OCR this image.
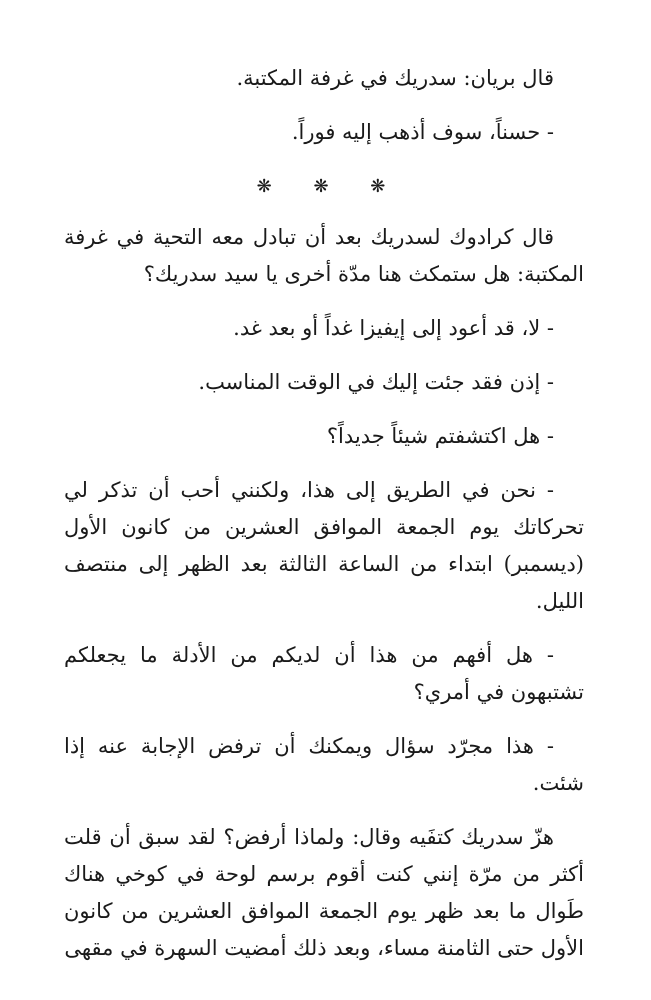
قال بريان: سدريك في غرفة المكتبة.

- حسناً، سوف أذهب إليه فوراً.

❋ ❋ ❋

قال كرادوك لسدريك بعد أن تبادل معه التحية في غرفة المكتبة: هل ستمكث هنا مدّة أخرى يا سيد سدريك؟

- لا، قد أعود إلى إيفيزا غداً أو بعد غد.

- إذن فقد جئت إليك في الوقت المناسب.

- هل اكتشفتم شيئاً جديداً؟

- نحن في الطريق إلى هذا، ولكنني أحب أن تذكر لي تحركاتك يوم الجمعة الموافق العشرين من كانون الأول (ديسمبر) ابتداء من الساعة الثالثة بعد الظهر إلى منتصف الليل.

- هل أفهم من هذا أن لديكم من الأدلة ما يجعلكم تشتبهون في أمري؟

- هذا مجرّد سؤال ويمكنك أن ترفض الإجابة عنه إذا شئت.

هزّ سدريك كتفَيه وقال: ولماذا أرفض؟ لقد سبق أن قلت أكثر من مرّة إنني كنت أقوم برسم لوحة في كوخي هناك طَوال ما بعد ظهر يوم الجمعة الموافق العشرين من كانون الأول حتى الثامنة مساء، وبعد ذلك أمضيت السهرة في مقهى
